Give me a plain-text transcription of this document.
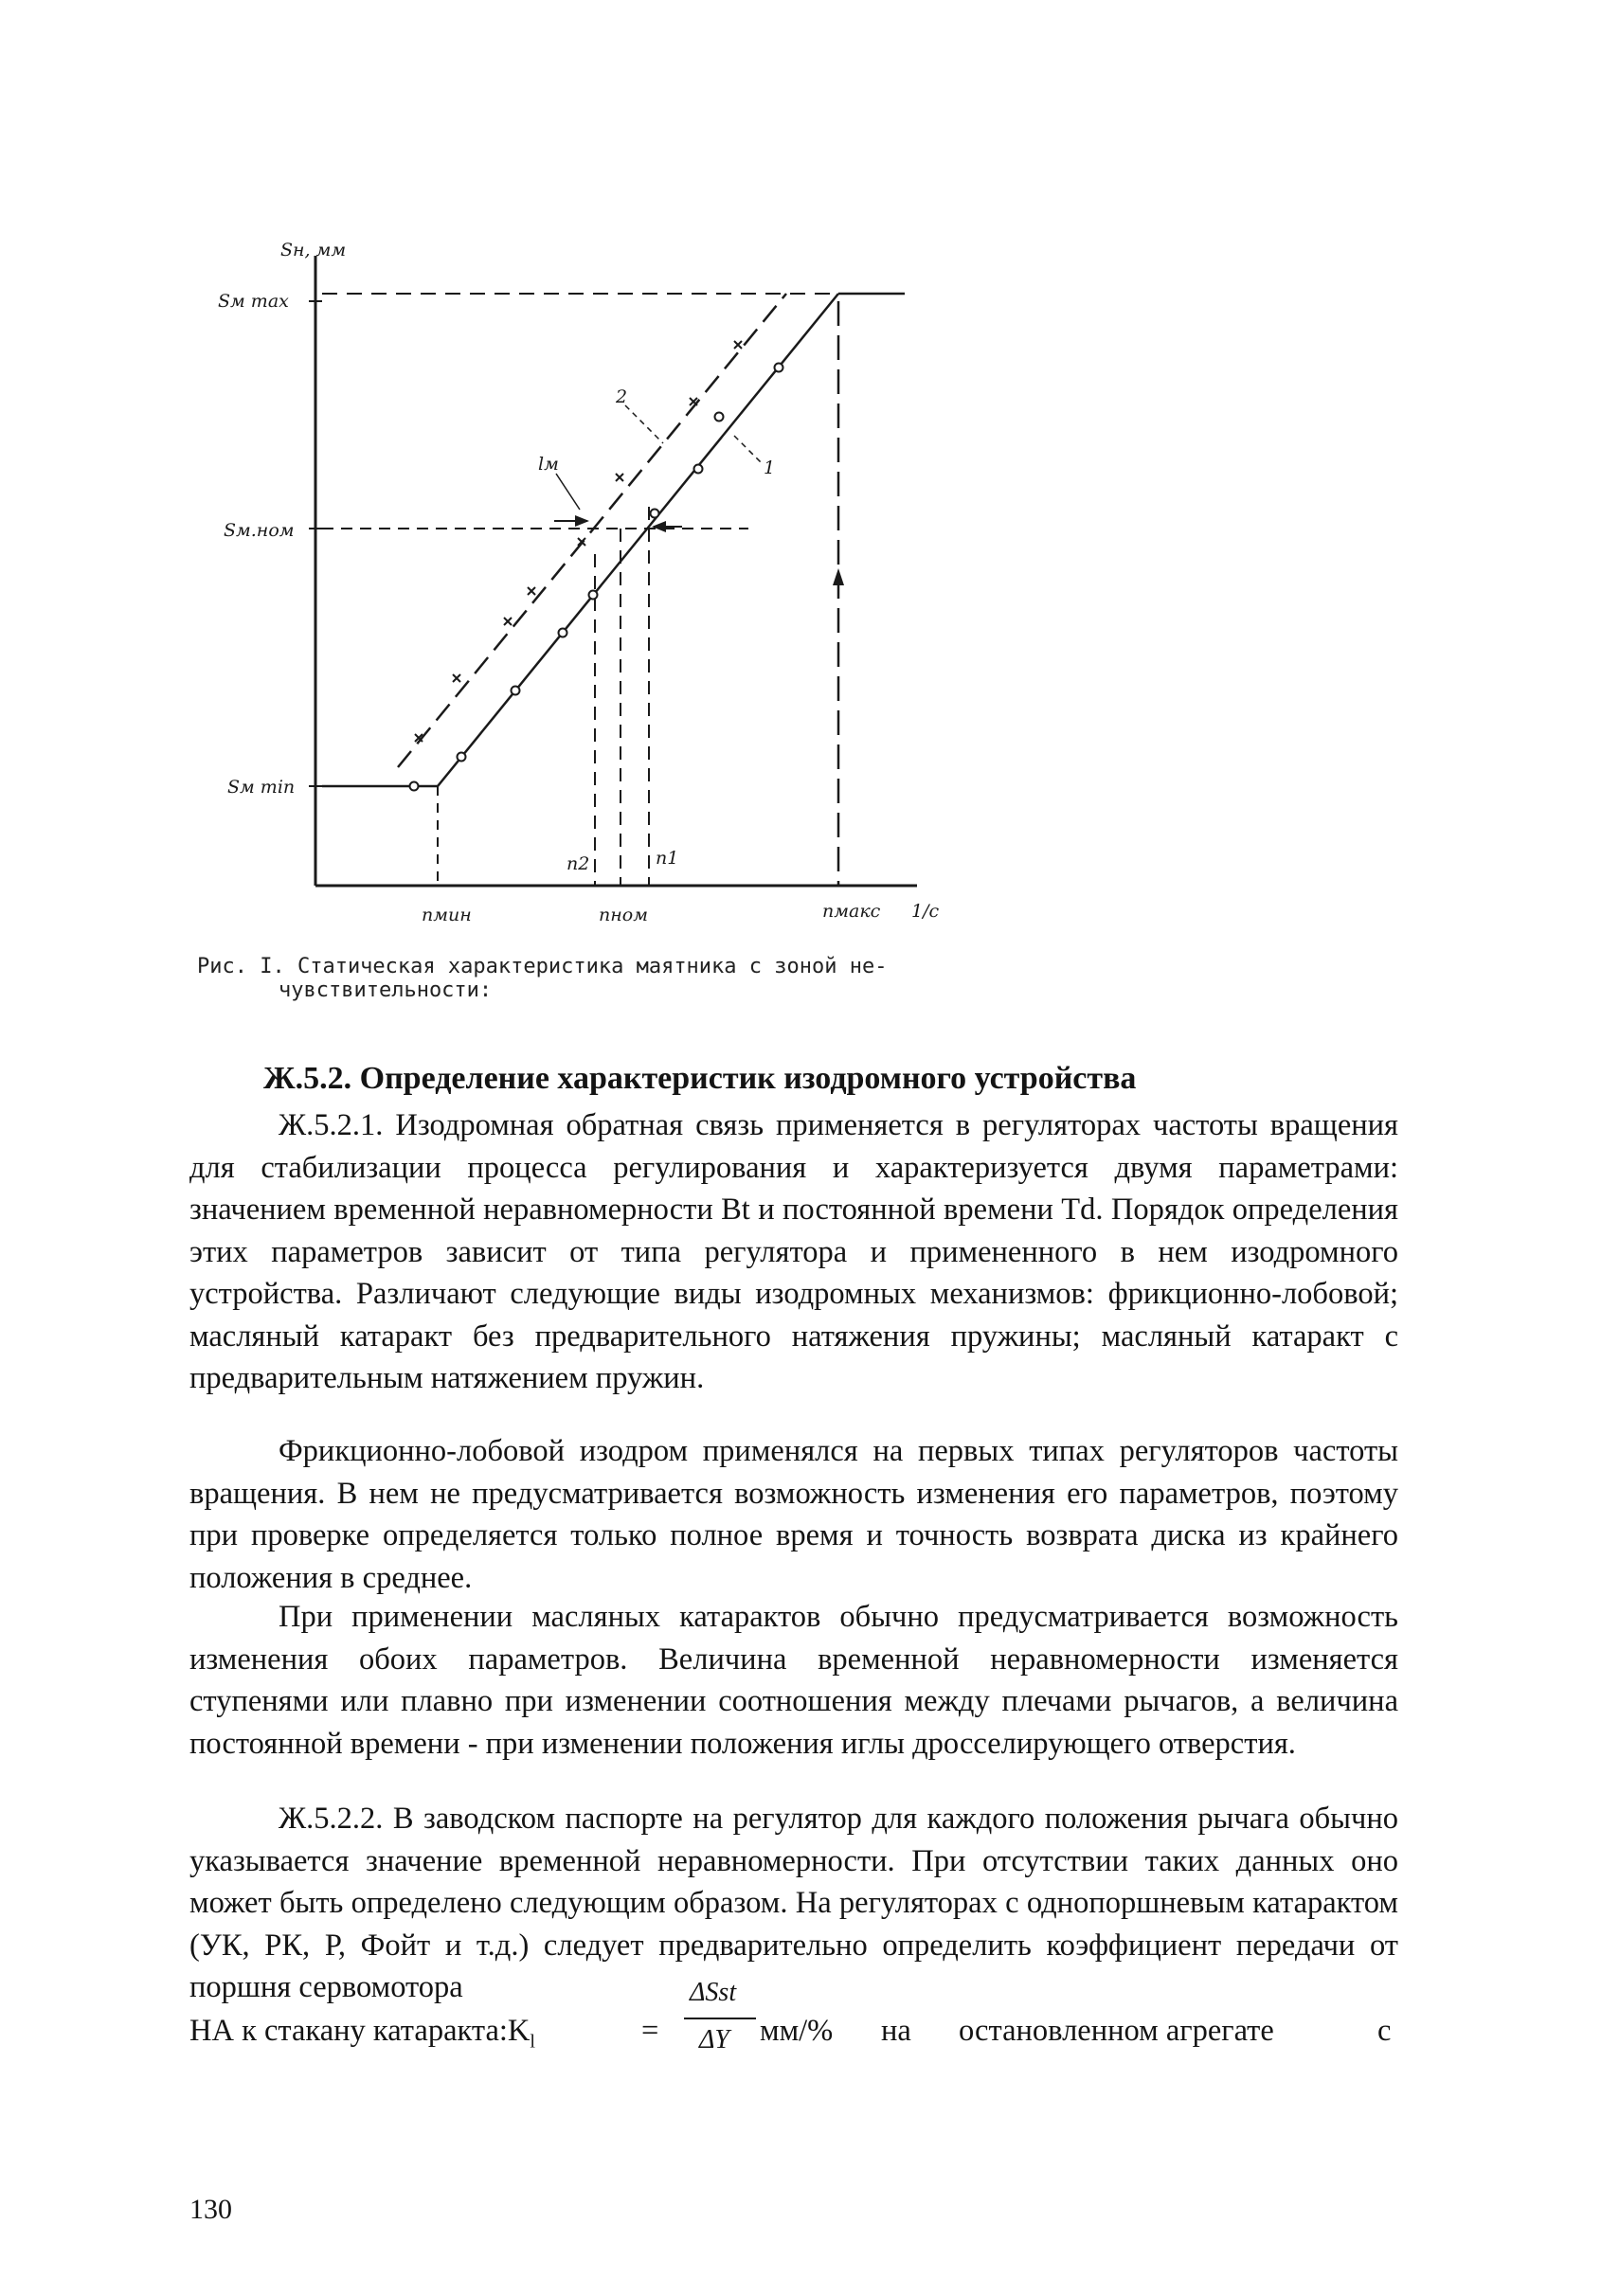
Sн, мм
Sм max
Sм.ном
Sм min
nмин	nном	nмакс 1/с
2
1
lм
n2	n1
Рис. I. Статическая характеристика маятника с зоной не-
чувствительности:
Ж.5.2. Определение характеристик изодромного устройства

Ж.5.2.1. Изодромная обратная связь применяется в регуляторах частоты вращения для стабилизации процесса регулирования и характеризуется двумя параметрами: значением временной неравномерности Bt и постоянной времени Тd. Порядок определения этих параметров зависит от типа регулятора и примененного в нем изодромного устройства. Различают следующие виды изодромных механизмов: фрикционно-лобовой; масляный катаракт без предварительного натяжения пружины; масляный катаракт с предварительным натяжением пружин.

Фрикционно-лобовой изодром применялся на первых типах регуляторов частоты вращения. В нем не предусматривается возможность изменения его параметров, поэтому при проверке определяется только полное время и точность возврата диска из крайнего положения в среднее.

При применении масляных катарактов обычно предусматривается возможность изменения обоих параметров. Величина временной неравномерности изменяется ступенями или плавно при изменении соотношения между плечами рычагов, а величина постоянной времени - при изменении положения иглы дросселирующего отверстия.

Ж.5.2.2. В заводском паспорте на регулятор для каждого положения рычага обычно указывается значение временной неравномерности. При отсутствии таких данных оно может быть определено следующим образом. На регуляторах с однопоршневым катарактом (УК, РК, Р, Фойт и т.д.) следует предварительно определить коэффициент передачи от поршня сервомотора

НА к стакану $катаракта:K_l$	=
ΔSst
ΔY мм/% на остановленном агрегате	с
130
